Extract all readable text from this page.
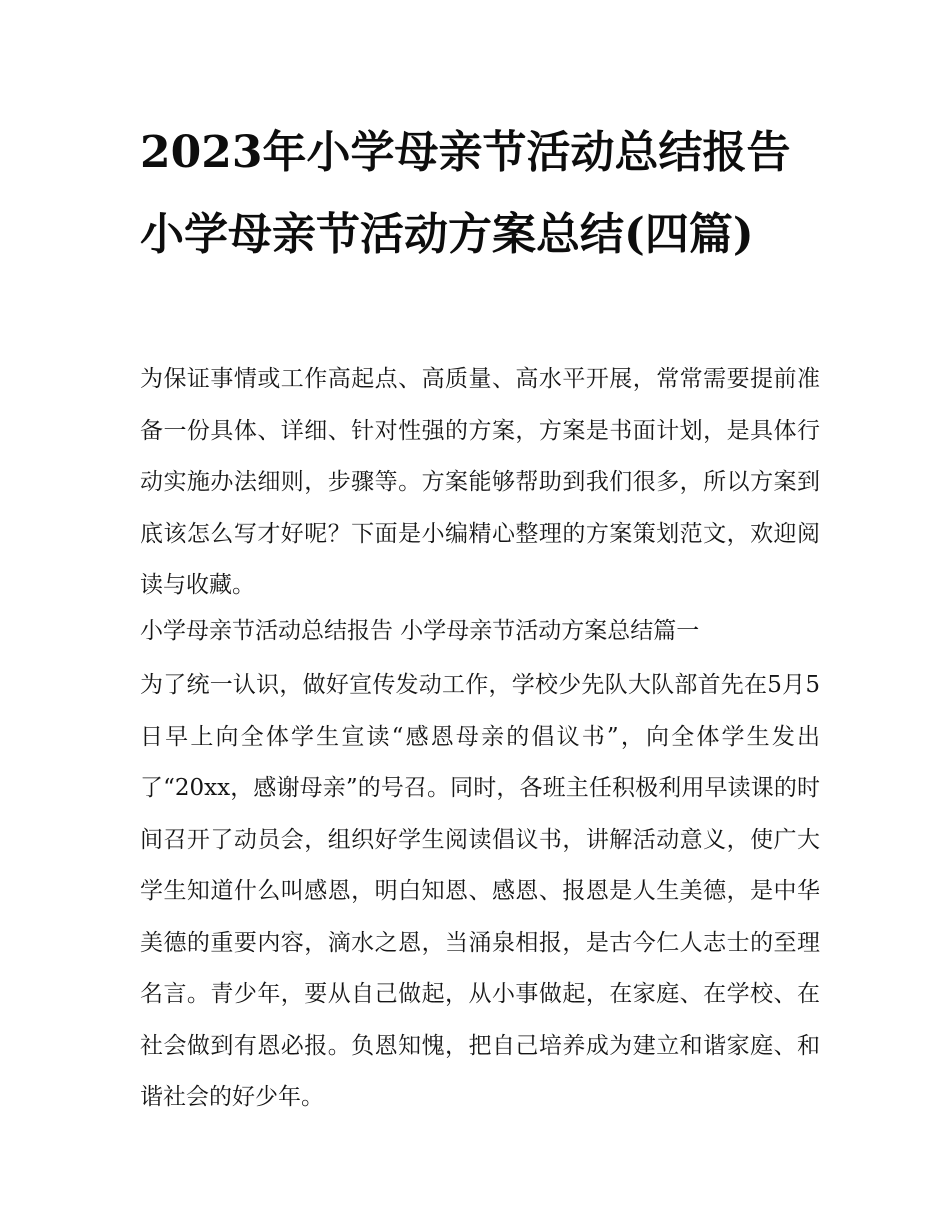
2023年小学母亲节活动总结报告 小学母亲节活动方案总结(四篇)
为保证事情或工作高起点、高质量、高水平开展，常常需要提前准备一份具体、详细、针对性强的方案，方案是书面计划，是具体行动实施办法细则，步骤等。方案能够帮助到我们很多，所以方案到底该怎么写才好呢？下面是小编精心整理的方案策划范文，欢迎阅读与收藏。
小学母亲节活动总结报告 小学母亲节活动方案总结篇一
为了统一认识，做好宣传发动工作，学校少先队大队部首先在5月5日早上向全体学生宣读“感恩母亲的倡议书”，向全体学生发出了“20xx，感谢母亲”的号召。同时，各班主任积极利用早读课的时间召开了动员会，组织好学生阅读倡议书，讲解活动意义，使广大学生知道什么叫感恩，明白知恩、感恩、报恩是人生美德，是中华美德的重要内容，滴水之恩，当涌泉相报，是古今仁人志士的至理名言。青少年，要从自己做起，从小事做起，在家庭、在学校、在社会做到有恩必报。负恩知愧，把自己培养成为建立和谐家庭、和谐社会的好少年。
